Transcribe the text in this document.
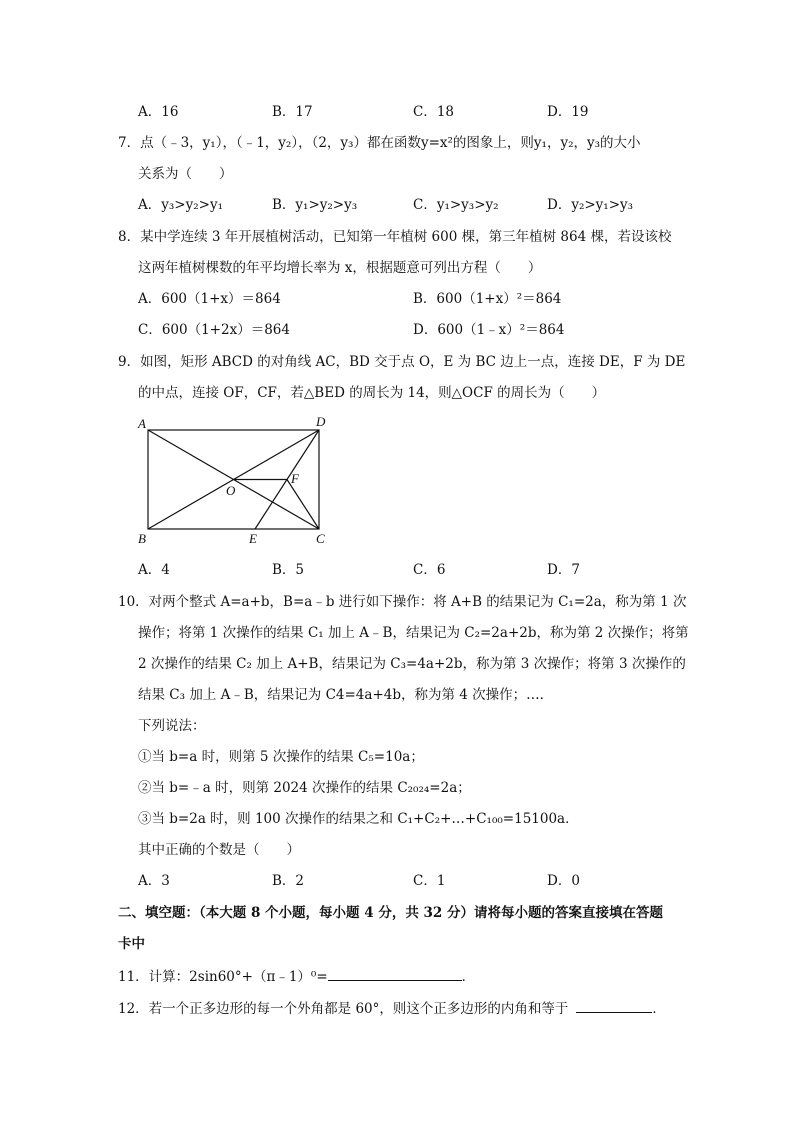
A．16	B．17	C．18	D．19
7．点（﹣3，y₁），（﹣1，y₂），（2，y₃）都在函数y=x²的图象上，则y₁，y₂，y₃的大小
关系为（　　）
A．y₃>y₂>y₁	B．y₁>y₂>y₃	C．y₁>y₃>y₂	D．y₂>y₁>y₃
8．某中学连续 3 年开展植树活动，已知第一年植树 600 棵，第三年植树 864 棵，若设该校
这两年植树棵数的年平均增长率为 x，根据题意可列出方程（　　）
A．600（1+x）＝864	B．600（1+x）²＝864
C．600（1+2x）＝864	D．600（1﹣x）²＝864
9．如图，矩形 ABCD 的对角线 AC，BD 交于点 O，E 为 BC 边上一点，连接 DE，F 为 DE
的中点，连接 OF，CF，若△BED 的周长为 14，则△OCF 的周长为（　　）
A	D
B	C
E
O
F
A．4	B．5	C．6	D．7
10．对两个整式 A=a+b，B=a﹣b 进行如下操作：将 A+B 的结果记为 C₁=2a，称为第 1 次
操作；将第 1 次操作的结果 C₁ 加上 A﹣B，结果记为 C₂=2a+2b，称为第 2 次操作；将第
2 次操作的结果 C₂ 加上 A+B，结果记为 C₃=4a+2b，称为第 3 次操作；将第 3 次操作的
结果 C₃ 加上 A﹣B，结果记为 C4=4a+4b，称为第 4 次操作；…．
下列说法：
①当 b=a 时，则第 5 次操作的结果 C₅=10a；
②当 b=﹣a 时，则第 2024 次操作的结果 C₂₀₂₄=2a；
③当 b=2a 时，则 100 次操作的结果之和 C₁+C₂+…+C₁₀₀=15100a．
其中正确的个数是（　　）
A．3	B．2	C．1	D．0
二、填空题：（本大题 8 个小题，每小题 4 分，共 32 分）请将每小题的答案直接填在答题
卡中
11．计算：2sin60°+（π﹣1）⁰=	．
12．若一个正多边形的每一个外角都是 60°，则这个正多边形的内角和等于	．
